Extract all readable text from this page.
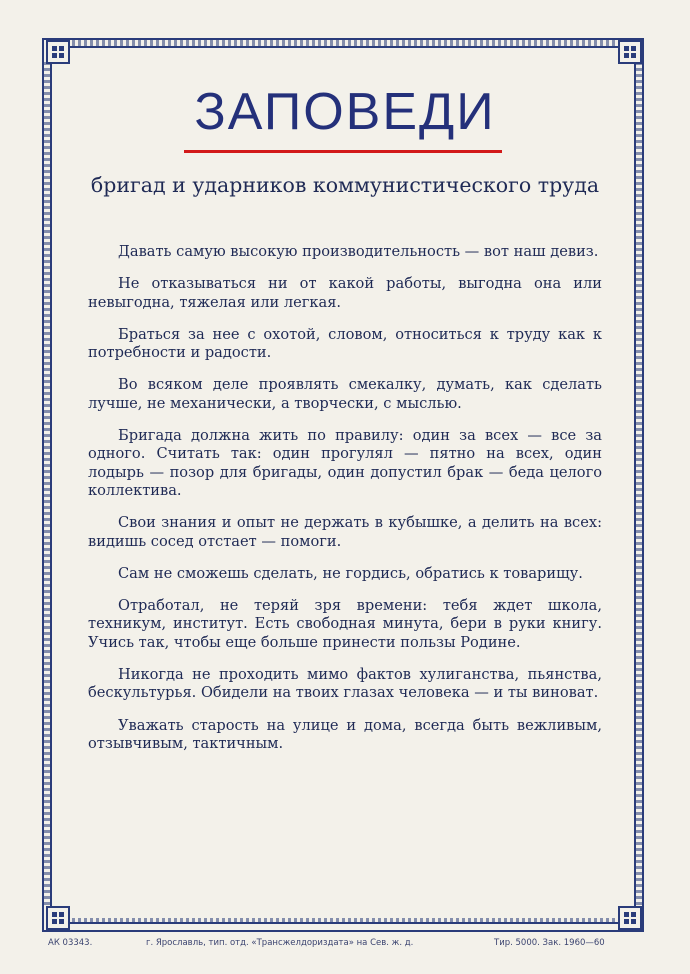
ЗАПОВЕДИ
бригад и ударников коммунистического труда

Давать самую высокую производительность — вот наш девиз.

Не отказываться ни от какой работы, выгодна она или невыгодна, тяжелая или легкая.

Браться за нее с охотой, словом, относиться к труду как к потребности и радости.

Во всяком деле проявлять смекалку, думать, как сделать лучше, не механически, а творчески, с мыслью.

Бригада должна жить по правилу: один за всех — все за одного. Считать так: один прогулял — пятно на всех, один лодырь — позор для бригады, один допустил брак — беда целого коллектива.

Свои знания и опыт не держать в кубышке, а делить на всех: видишь сосед отстает — помоги.

Сам не сможешь сделать, не гордись, обратись к товарищу.

Отработал, не теряй зря времени: тебя ждет школа, техникум, институт. Есть свободная минута, бери в руки книгу. Учись так, чтобы еще больше принести пользы Родине.

Никогда не проходить мимо фактов хулиганства, пьянства, бескультурья. Обидели на твоих глазах человека — и ты виноват.

Уважать старость на улице и дома, всегда быть вежливым, отзывчивым, тактичным.

АК 03343.	г. Ярославль, тип. отд. «Трансжелдориздата» на Сев. ж. д.	Тир. 5000. Зак. 1960—60
